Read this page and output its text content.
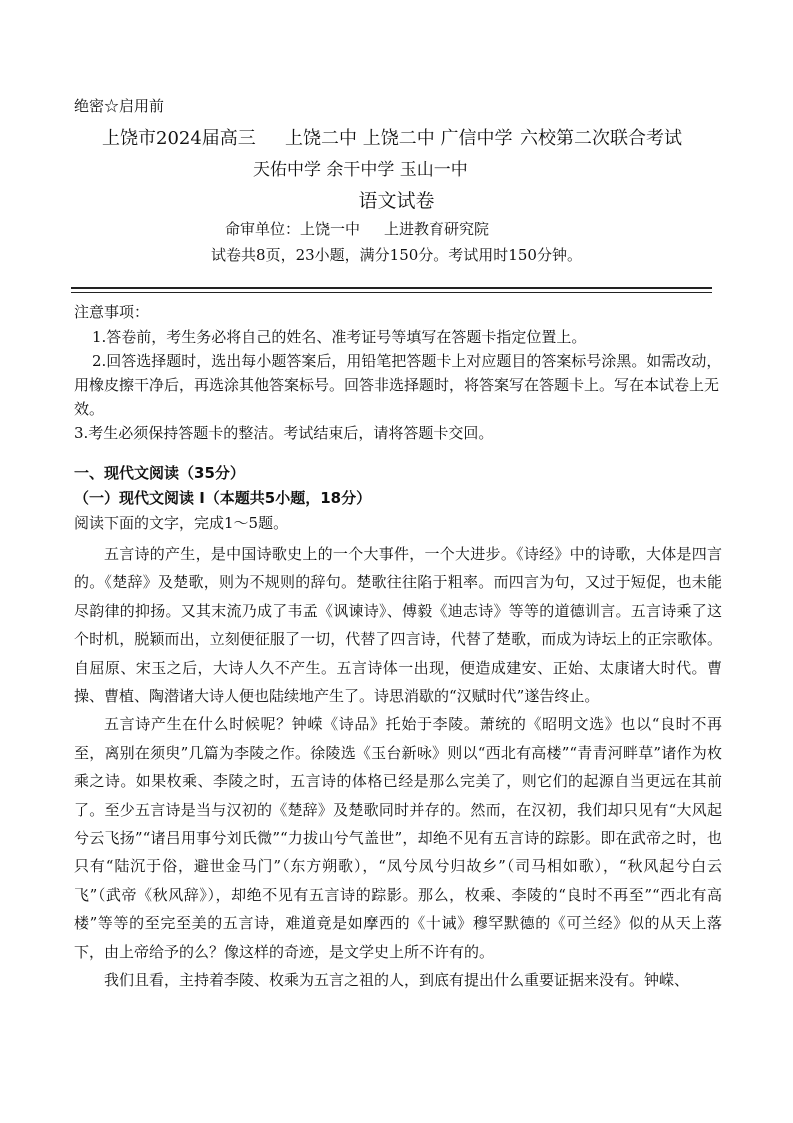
绝密☆启用前
上饶市2024届高三 上饶二中 上饶二中 广信中学 六校第二次联合考试
天佑中学 余干中学 玉山一中
语文试卷
命审单位：上饶一中 上进教育研究院
试卷共8页，23小题，满分150分。考试用时150分钟。

注意事项：

1.答卷前，考生务必将自己的姓名、准考证号等填写在答题卡指定位置上。

2.回答选择题时，选出每小题答案后，用铅笔把答题卡上对应题目的答案标号涂黑。如需改动，用橡皮擦干净后，再选涂其他答案标号。回答非选择题时，将答案写在答题卡上。写在本试卷上无效。

3.考生必须保持答题卡的整洁。考试结束后，请将答题卡交回。

一、现代文阅读（35分）
（一）现代文阅读 I（本题共5小题，18分）
阅读下面的文字，完成1～5题。

五言诗的产生，是中国诗歌史上的一个大事件，一个大进步。《诗经》中的诗歌，大体是四言的。《楚辞》及楚歌，则为不规则的辞句。楚歌往往陷于粗率。而四言为句，又过于短促，也未能尽韵律的抑扬。又其末流乃成了韦孟《讽谏诗》、傅毅《迪志诗》等等的道德训言。五言诗乘了这个时机，脱颖而出，立刻便征服了一切，代替了四言诗，代替了楚歌，而成为诗坛上的正宗歌体。自屈原、宋玉之后，大诗人久不产生。五言诗体一出现，便造成建安、正始、太康诸大时代。曹操、曹植、陶潜诸大诗人便也陆续地产生了。诗思消歇的“汉赋时代”遂告终止。

五言诗产生在什么时候呢？钟嵘《诗品》托始于李陵。萧统的《昭明文选》也以“良时不再至，离别在须臾”几篇为李陵之作。徐陵选《玉台新咏》则以“西北有高楼”“青青河畔草”诸作为枚乘之诗。如果枚乘、李陵之时，五言诗的体格已经是那么完美了，则它们的起源自当更远在其前了。至少五言诗是当与汉初的《楚辞》及楚歌同时并存的。然而，在汉初，我们却只见有“大风起兮云飞扬”“诸吕用事兮刘氏微”“力拔山兮气盖世”，却绝不见有五言诗的踪影。即在武帝之时，也只有“陆沉于俗，避世金马门”（东方朔歌），“凤兮凤兮归故乡”（司马相如歌），“秋风起兮白云飞”（武帝《秋风辞》），却绝不见有五言诗的踪影。那么，枚乘、李陵的“良时不再至”“西北有高楼”等等的至完至美的五言诗，难道竟是如摩西的《十诫》穆罕默德的《可兰经》似的从天上落下，由上帝给予的么？像这样的奇迹，是文学史上所不许有的。

我们且看，主持着李陵、枚乘为五言之祖的人，到底有提出什么重要证据来没有。钟嵘、
